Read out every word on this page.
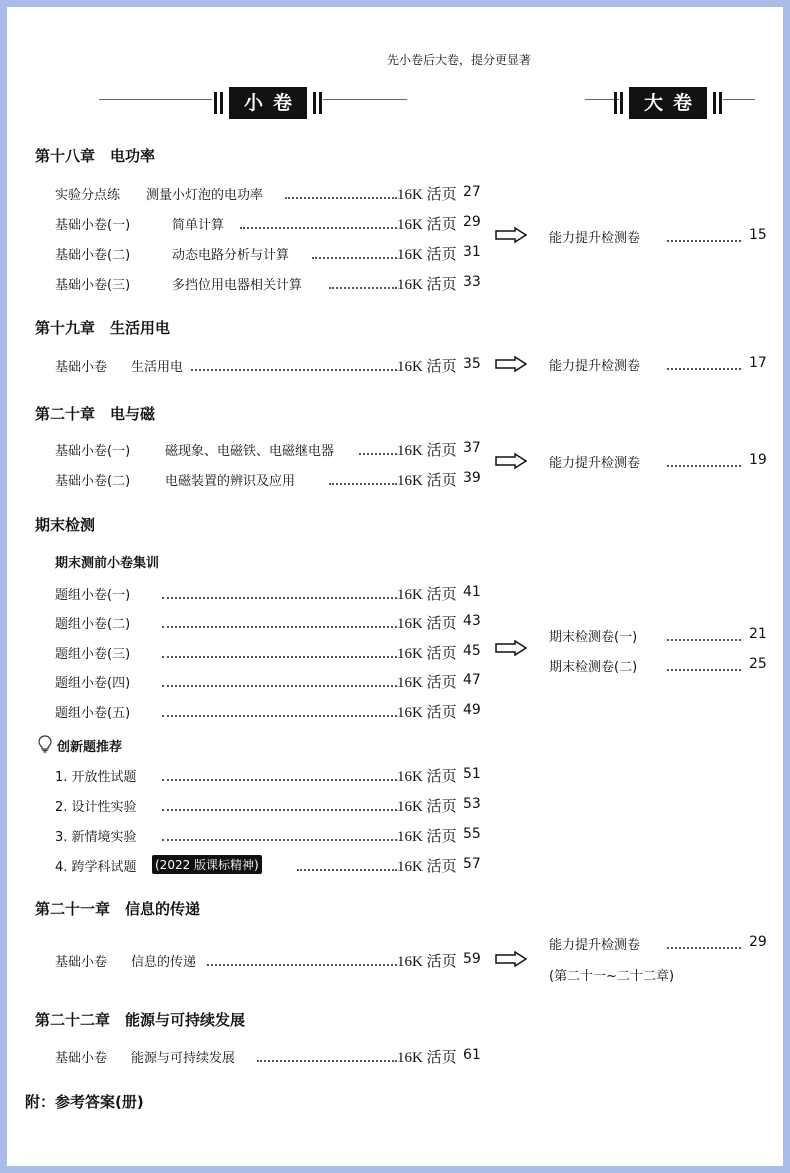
先小卷后大卷，提分更显著
小卷	大卷
第十八章　电功率
实验分点练 测量小灯泡的电功率	16K 活页 27
基础小卷(一)	简单计算	16K 活页 29
基础小卷(二)	动态电路分析与计算	16K 活页 31
基础小卷(三)	多挡位用电器相关计算	16K 活页 33
能力提升检测卷	15
第十九章　生活用电
基础小卷 生活用电	16K 活页 35	能力提升检测卷	17
第二十章　电与磁
基础小卷(一)	磁现象、电磁铁、电磁继电器	16K 活页 37
基础小卷(二)	电磁装置的辨识及应用	16K 活页 39
能力提升检测卷	19
期末检测
期末测前小卷集训
题组小卷(一)	16K 活页 41
题组小卷(二)	16K 活页 43
题组小卷(三)	16K 活页 45
题组小卷(四)	16K 活页 47
题组小卷(五)	16K 活页 49
期末检测卷(一)	21
期末检测卷(二)	25
创新题推荐
1. 开放性试题	16K 活页 51
2. 设计性实验	16K 活页 53
3. 新情境实验	16K 活页 55
4. 跨学科试题 (2022 版课标精神)	16K 活页 57
第二十一章　信息的传递
基础小卷 信息的传递	16K 活页 59
能力提升检测卷	29
(第二十一~二十二章)
第二十二章　能源与可持续发展
基础小卷 能源与可持续发展	16K 活页 61
附：参考答案(册)
